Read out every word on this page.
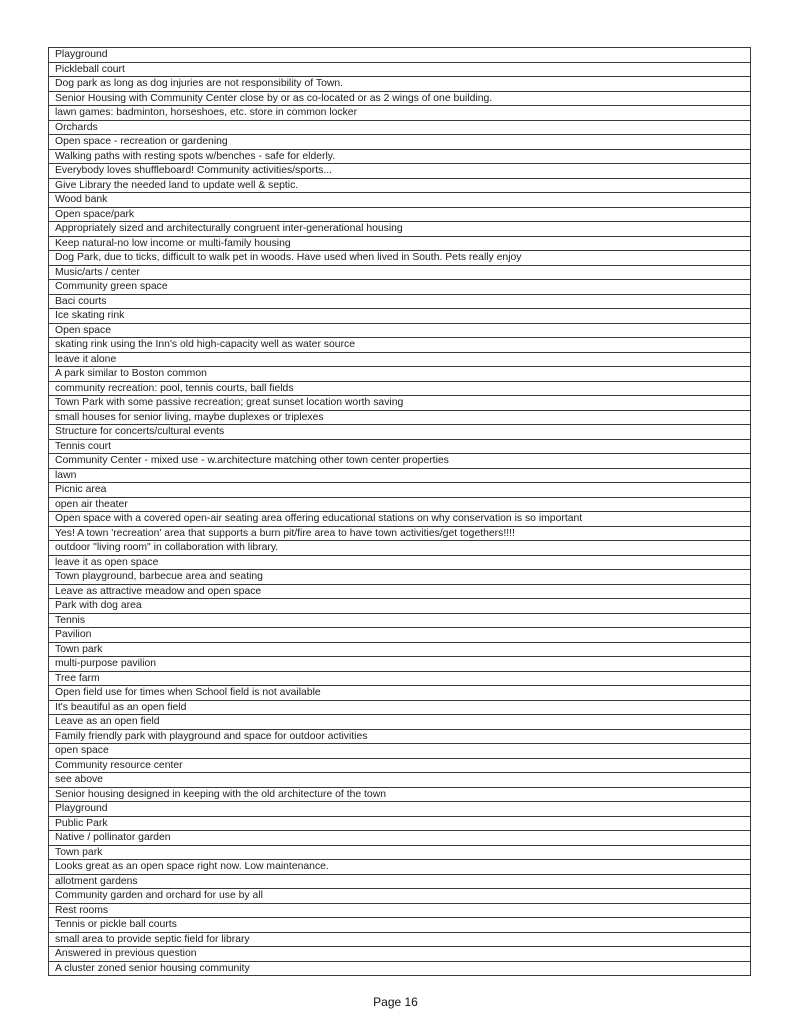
Playground
Pickleball court
Dog park as long as dog injuries are not responsibility of Town.
Senior Housing with Community Center close by or as co-located or as 2 wings of one building.
lawn games: badminton, horseshoes, etc. store in common locker
Orchards
Open space - recreation or gardening
Walking paths with resting spots w/benches - safe for elderly.
Everybody loves shuffleboard! Community activities/sports...
Give Library the needed land to update well & septic.
Wood bank
Open space/park
Appropriately sized and architecturally congruent inter-generational housing
Keep natural-no low income or multi-family housing
Dog Park, due to ticks, difficult to walk pet in woods. Have used when lived in South. Pets really enjoy
Music/arts / center
Community green space
Baci courts
Ice skating rink
Open space
skating rink using the Inn's old high-capacity well as water source
leave it alone
A park similar to Boston common
community recreation: pool, tennis courts, ball fields
Town Park with some passive recreation; great sunset location worth saving
small houses for senior living, maybe duplexes or triplexes
Structure for concerts/cultural events
Tennis court
Community Center - mixed use - w.architecture matching other town center properties
lawn
Picnic area
open air theater
Open space with a covered open-air seating area offering educational stations on why conservation is so important
Yes! A town 'recreation' area that supports a burn pit/fire area to have town activities/get togethers!!!!
outdoor "living room" in collaboration with library.
leave it as open space
Town playground, barbecue area and seating
Leave as attractive meadow and open space
Park with dog area
Tennis
Pavilion
Town park
multi-purpose pavilion
Tree farm
Open field use for times when School field is not available
It's beautiful as an open field
Leave as an open field
Family friendly park with playground and space for outdoor activities
open space
Community resource center
see above
Senior housing designed in keeping with the old architecture of the town
Playground
Public Park
Native / pollinator garden
Town park
Looks great as an open space right now. Low maintenance.
allotment gardens
Community garden and orchard for use by all
Rest rooms
Tennis or pickle ball courts
small area to provide septic field for library
Answered in previous question
A cluster zoned senior housing community
Page 16
